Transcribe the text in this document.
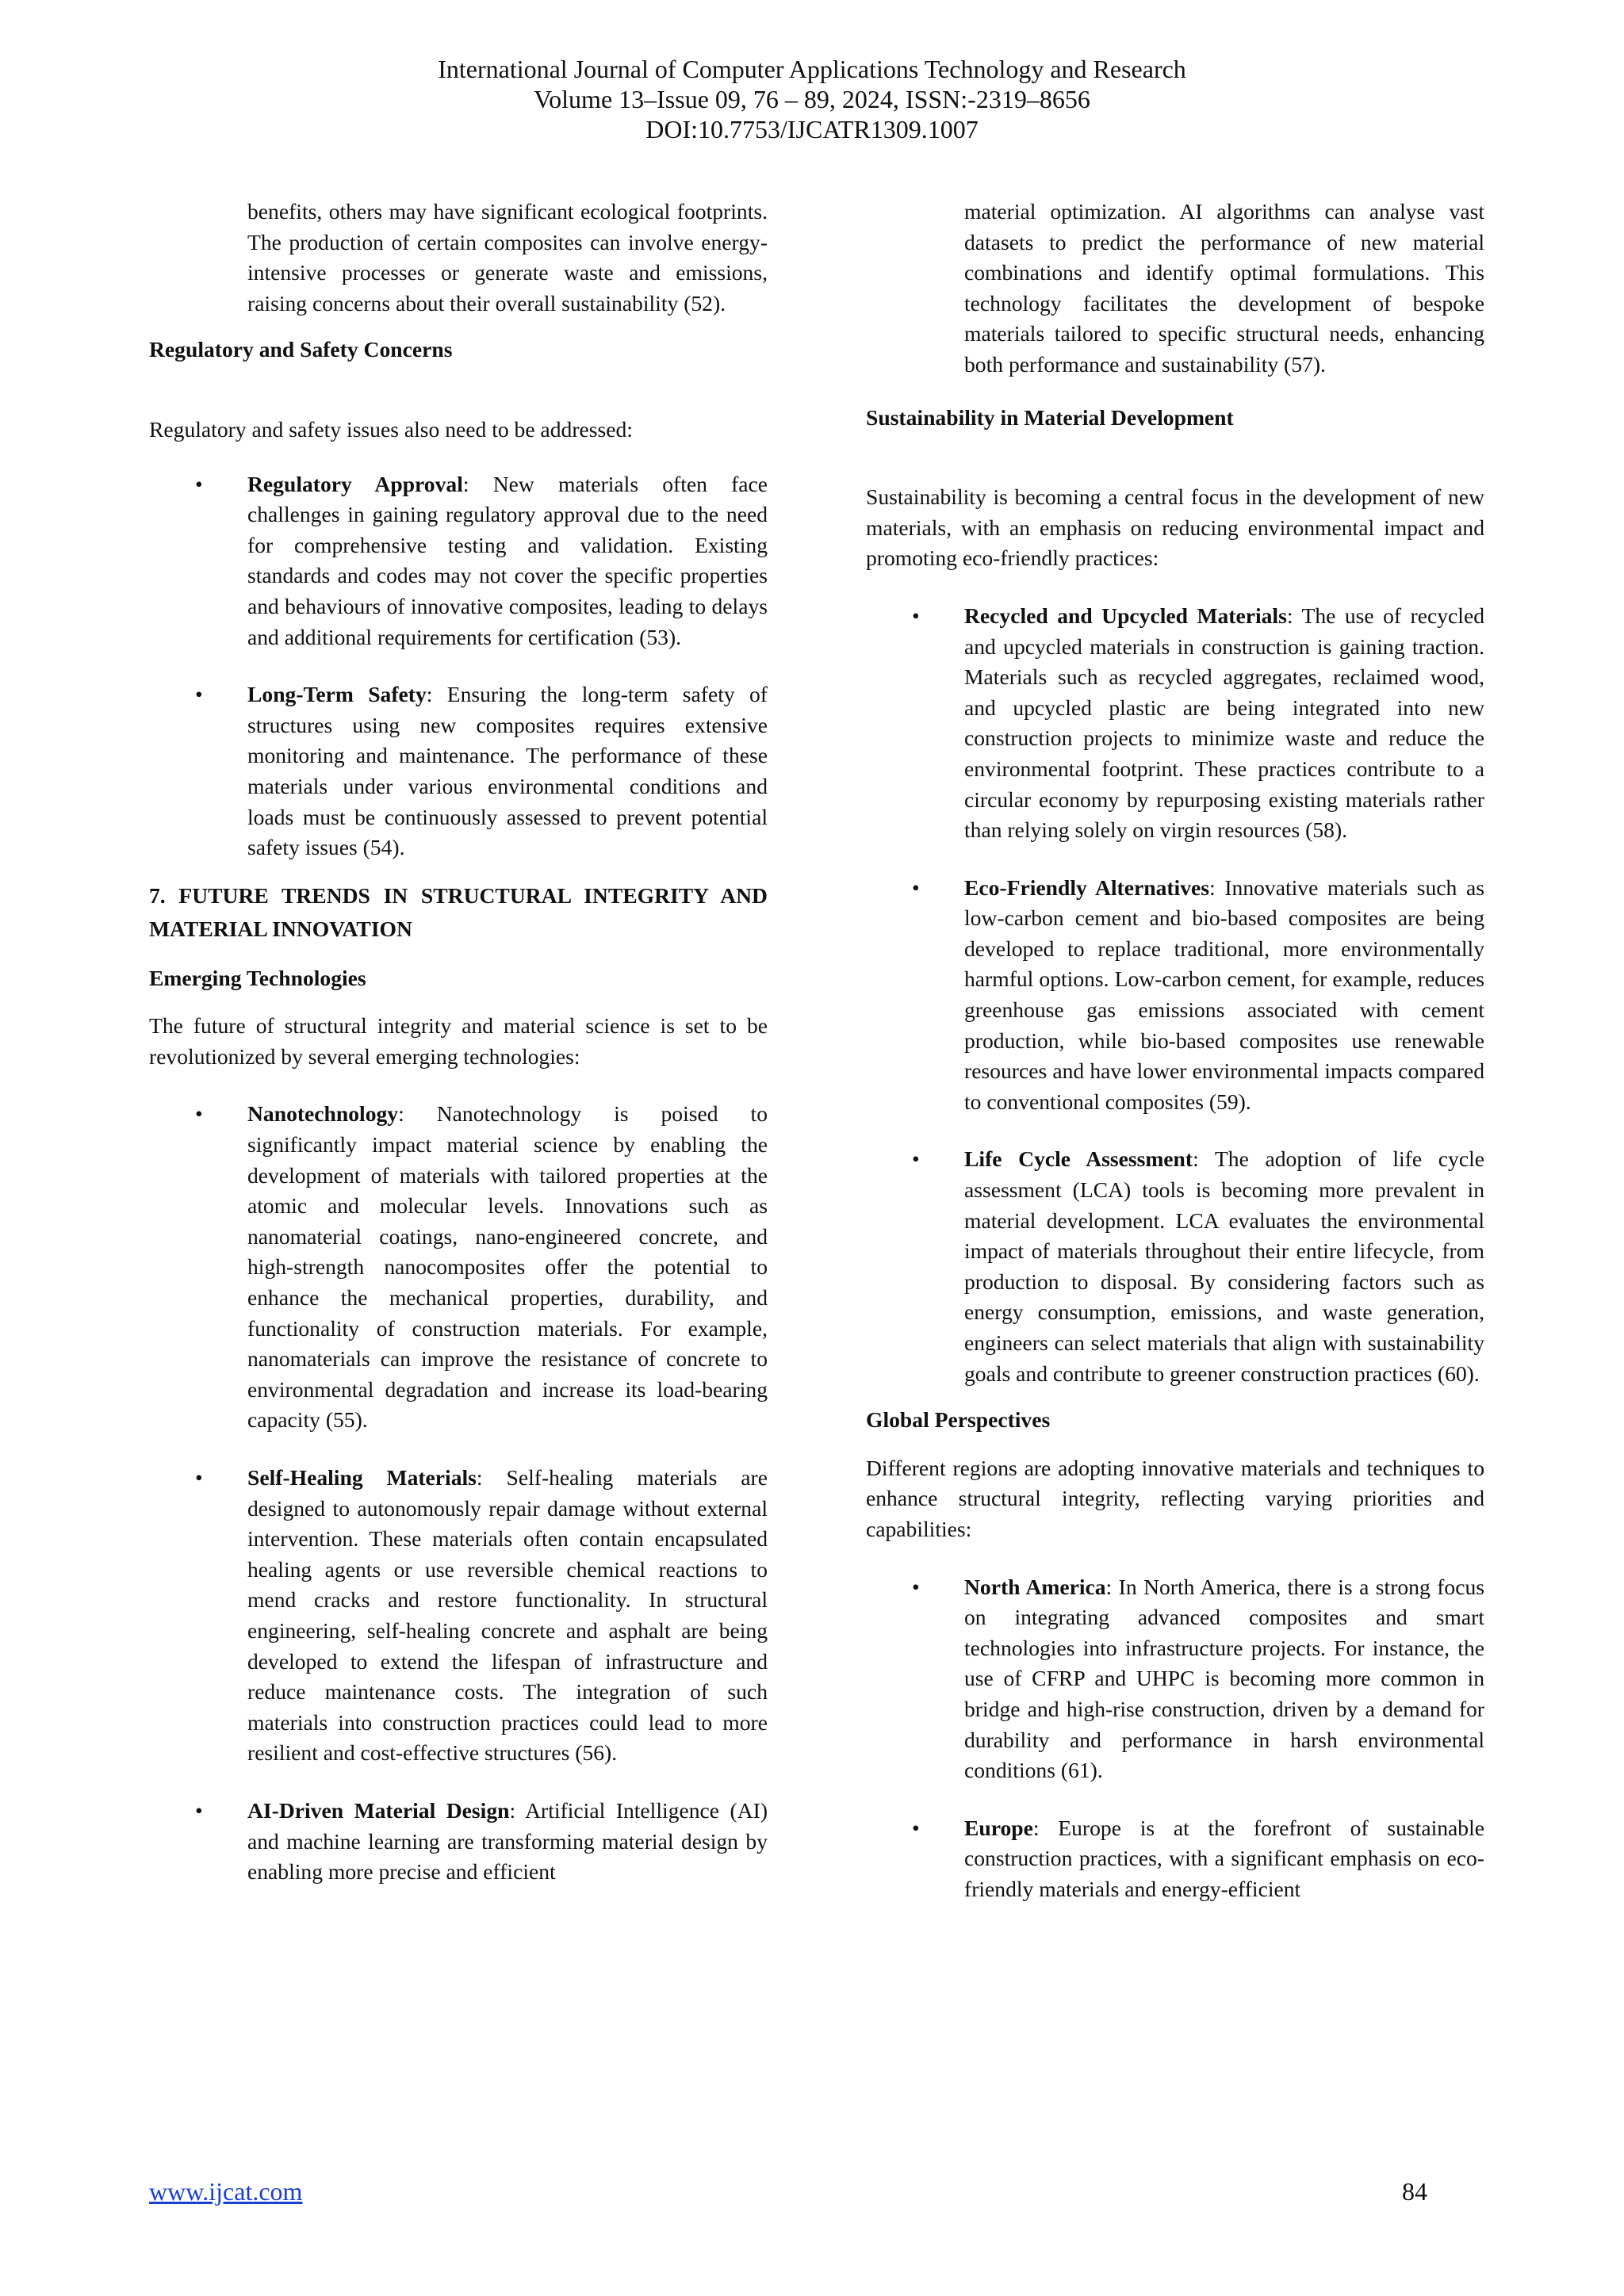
International Journal of Computer Applications Technology and Research
Volume 13–Issue 09, 76 – 89, 2024, ISSN:-2319–8656
DOI:10.7753/IJCATR1309.1007

benefits, others may have significant ecological footprints. The production of certain composites can involve energy-intensive processes or generate waste and emissions, raising concerns about their overall sustainability (52).

Regulatory and Safety Concerns

Regulatory and safety issues also need to be addressed:

• Regulatory Approval: New materials often face challenges in gaining regulatory approval due to the need for comprehensive testing and validation. Existing standards and codes may not cover the specific properties and behaviours of innovative composites, leading to delays and additional requirements for certification (53).
• Long-Term Safety: Ensuring the long-term safety of structures using new composites requires extensive monitoring and maintenance. The performance of these materials under various environmental conditions and loads must be continuously assessed to prevent potential safety issues (54).
7. FUTURE TRENDS IN STRUCTURAL INTEGRITY AND MATERIAL INNOVATION
Emerging Technologies

The future of structural integrity and material science is set to be revolutionized by several emerging technologies:

• Nanotechnology: Nanotechnology is poised to significantly impact material science by enabling the development of materials with tailored properties at the atomic and molecular levels. Innovations such as nanomaterial coatings, nano-engineered concrete, and high-strength nanocomposites offer the potential to enhance the mechanical properties, durability, and functionality of construction materials. For example, nanomaterials can improve the resistance of concrete to environmental degradation and increase its load-bearing capacity (55).
• Self-Healing Materials: Self-healing materials are designed to autonomously repair damage without external intervention. These materials often contain encapsulated healing agents or use reversible chemical reactions to mend cracks and restore functionality. In structural engineering, self-healing concrete and asphalt are being developed to extend the lifespan of infrastructure and reduce maintenance costs. The integration of such materials into construction practices could lead to more resilient and cost-effective structures (56).
• AI-Driven Material Design: Artificial Intelligence (AI) and machine learning are transforming material design by enabling more precise and efficient

material optimization. AI algorithms can analyse vast datasets to predict the performance of new material combinations and identify optimal formulations. This technology facilitates the development of bespoke materials tailored to specific structural needs, enhancing both performance and sustainability (57).

Sustainability in Material Development

Sustainability is becoming a central focus in the development of new materials, with an emphasis on reducing environmental impact and promoting eco-friendly practices:

• Recycled and Upcycled Materials: The use of recycled and upcycled materials in construction is gaining traction. Materials such as recycled aggregates, reclaimed wood, and upcycled plastic are being integrated into new construction projects to minimize waste and reduce the environmental footprint. These practices contribute to a circular economy by repurposing existing materials rather than relying solely on virgin resources (58).
• Eco-Friendly Alternatives: Innovative materials such as low-carbon cement and bio-based composites are being developed to replace traditional, more environmentally harmful options. Low-carbon cement, for example, reduces greenhouse gas emissions associated with cement production, while bio-based composites use renewable resources and have lower environmental impacts compared to conventional composites (59).
• Life Cycle Assessment: The adoption of life cycle assessment (LCA) tools is becoming more prevalent in material development. LCA evaluates the environmental impact of materials throughout their entire lifecycle, from production to disposal. By considering factors such as energy consumption, emissions, and waste generation, engineers can select materials that align with sustainability goals and contribute to greener construction practices (60).
Global Perspectives

Different regions are adopting innovative materials and techniques to enhance structural integrity, reflecting varying priorities and capabilities:

• North America: In North America, there is a strong focus on integrating advanced composites and smart technologies into infrastructure projects. For instance, the use of CFRP and UHPC is becoming more common in bridge and high-rise construction, driven by a demand for durability and performance in harsh environmental conditions (61).
• Europe: Europe is at the forefront of sustainable construction practices, with a significant emphasis on eco-friendly materials and energy-efficient
www.ijcat.com	84
